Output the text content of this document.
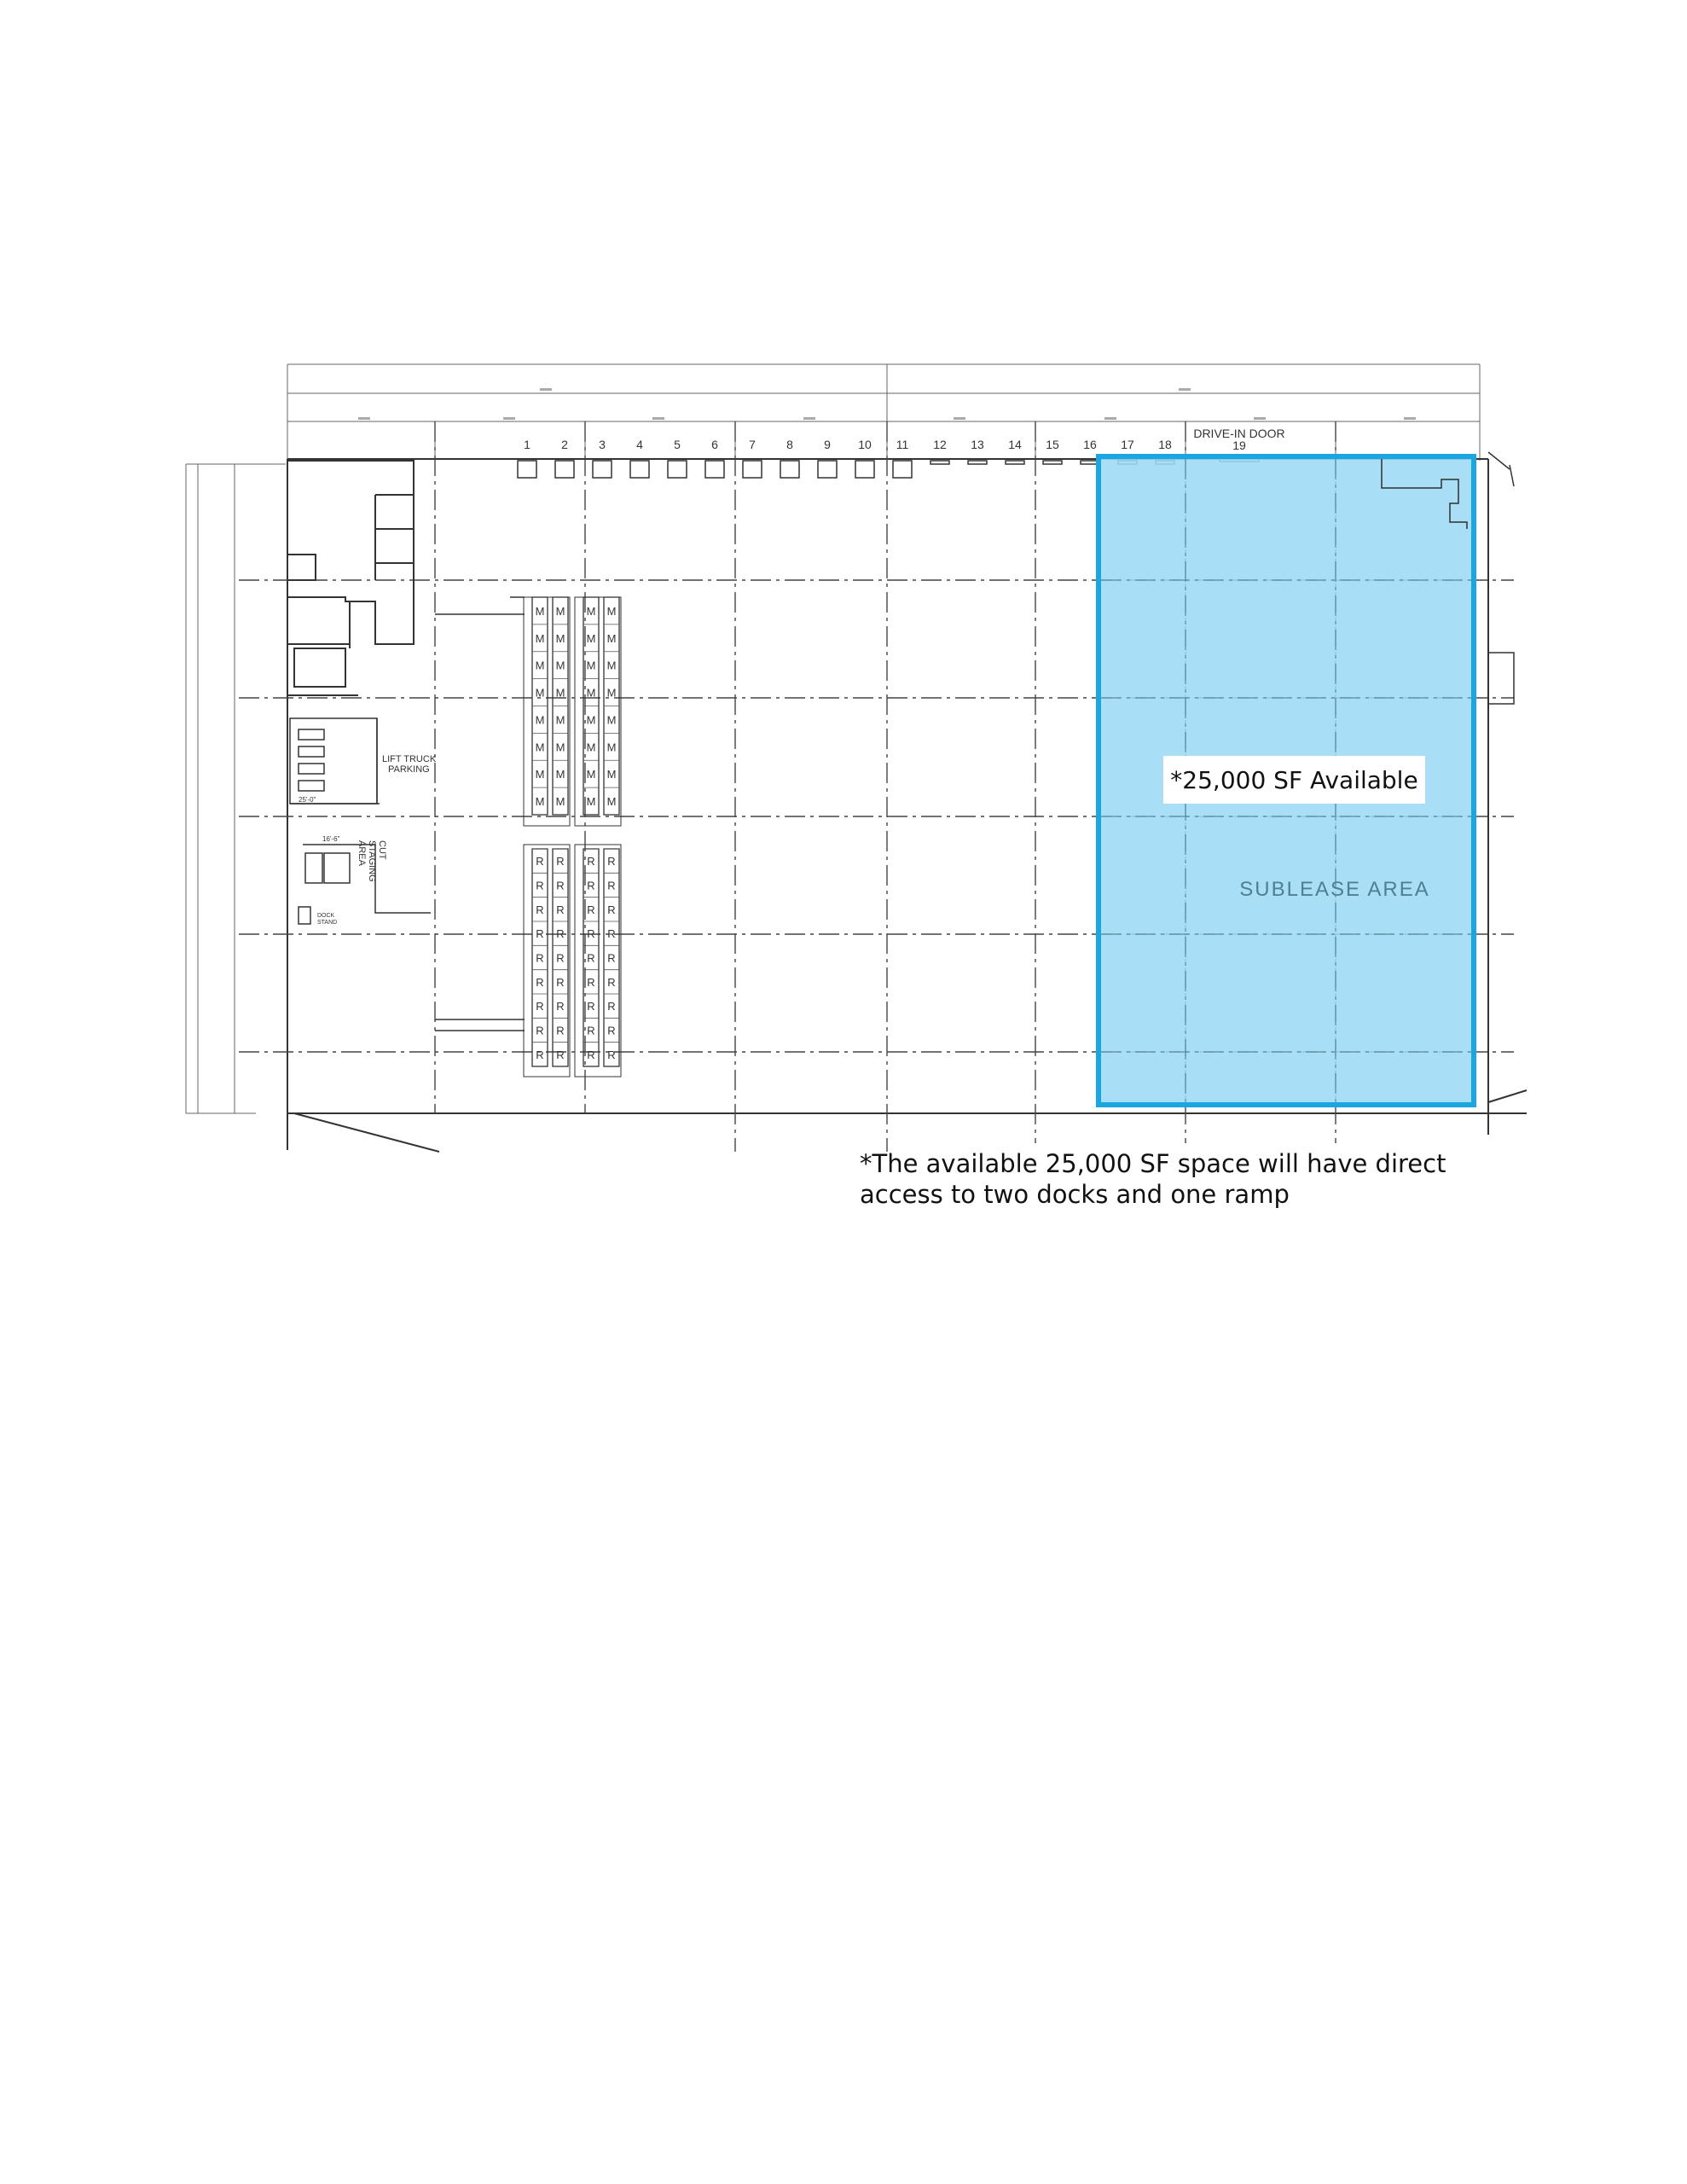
1	2	3	4	5	6	7	8	9 10 11 12 13 14 15 16 17 18
LIFT TRUCK
PARKING
25'-0"
16'-6"
CUT
STAGING
AREA
DOCK
STAND
M
M
M
M
M
M
M
M
M
M
M
M
M
M
M
M
M
M
M
M
M
M
M
M
M
M
M
M
M
M
M
M
R
R
R
R
R
R
R
R
R
R
R
R
R
R
R
R
R
R
R
R
R
R
R
R
R
R
R
R
R
R
R
R
R
R
R
R
SUBLEASE AREA
DRIVE-IN DOOR
19
*25,000 SF Available
*The available 25,000 SF space will have direct
access to two docks and one ramp
